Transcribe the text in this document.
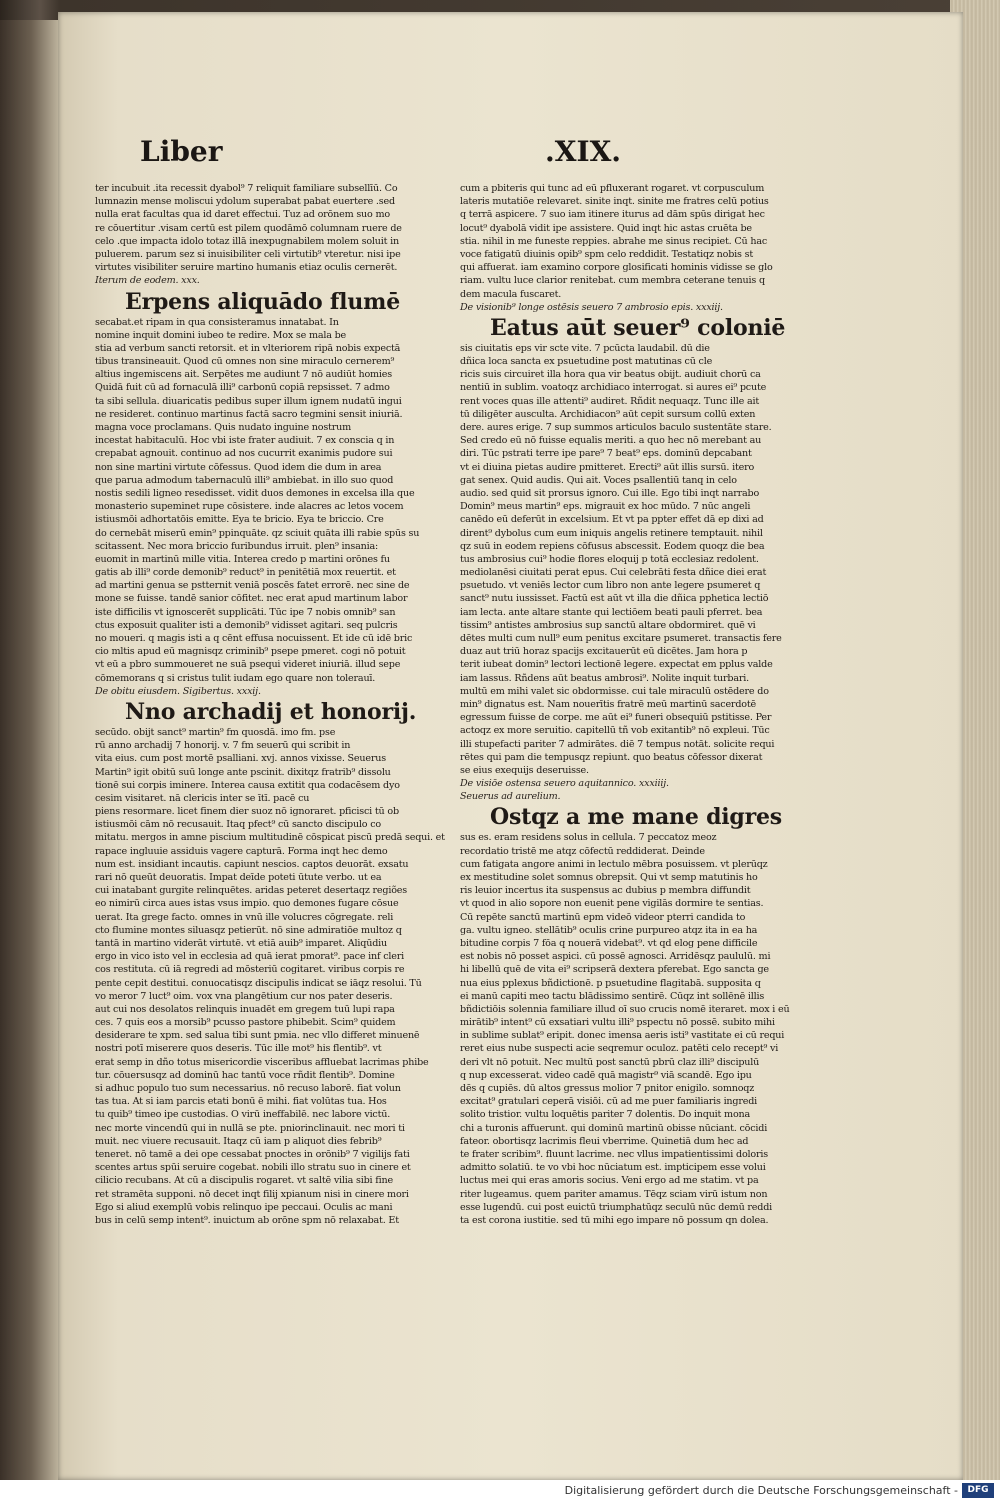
Liber	.XIX.
ter incubuit .ita recessit dyabol⁹ 7 reliquit familiare subsellīū. Co
lumnazin mense moliscui ydolum superabat pabat euertere .sed
nulla erat facultas qua id daret effectui. Tuz ad orōnem suo mo
re cōuertitur .visam certū est pilem quodāmō columnam ruere de
celo .que impacta idolo totaz illā inexpugnabilem molem soluit in
puluerem. parum sez si inuisibiliter celi virtutib⁹ vteretur. nisi ipe
virtutes visibiliter seruire martino humanis etiaz oculis cernerēt.
Iterum de eodem. xxx.
Erpens aliquādo flumē
secabat.et ripam in qua consisteramus innatabat. In
nomine inquit domini iubeo te redire. Mox se mala be
stia ad verbum sancti retorsit. et in vlteriorem ripā nobis expectā
tibus transineauit. Quod cū omnes non sine miraculo cernerem⁹
altius ingemiscens ait. Serpētes me audiunt 7 nō audiūt homies
Quidā fuit cū ad fornaculā illi⁹ carbonū copiā repsisset. 7 admo
ta sibi sellula. diuaricatis pedibus super illum ignem nudatū ingui
ne resideret. continuo martinus factā sacro tegmini sensit iniuriā.
magna voce proclamans. Quis nudato inguine nostrum
incestat habitaculū. Hoc vbi iste frater audiuit. 7 ex conscia q in
crepabat agnouit. continuo ad nos cucurrit exanimis pudore sui
non sine martini virtute cōfessus. Quod idem die dum in area
que parua admodum tabernaculū illi⁹ ambiebat. in illo suo quod
nostis sedili ligneo resedisset. vidit duos demones in excelsa illa que
monasterio supeminet rupe cōsistere. inde alacres ac letos vocem
istiusmōi adhortatōis emitte. Eya te bricio. Eya te briccio. Cre
do cernebāt miserū emin⁹ ppinquāte. qz sciuit quāta illi rabie spūs su
scitassent. Nec mora briccio furibundus irruit. plen⁹ insania:
euomit in martinū mille vitia. Interea credo p martini orōnes fu
gatis ab illi⁹ corde demonib⁹ reduct⁹ in penitētiā mox reuertit. et
ad martini genua se pstternit veniā poscēs fatet errorē. nec sine de
mone se fuisse. tandē sanior cōfitet. nec erat apud martinum labor
iste difficilis vt ignoscerēt supplicāti. Tūc ipe 7 nobis omnib⁹ san
ctus exposuit qualiter isti a demonib⁹ vidisset agitari. seq pulcris
no moueri. q magis isti a q cēnt effusa nocuissent. Et ide cū idē bric
cio mltis apud eū magnisqz criminib⁹ psepe pmeret. cogi nō potuit
vt eū a pbro summoueret ne suā psequi videret iniuriā. illud sepe
cōmemorans q si cristus tulit iudam ego quare non tolerauī.
De obitu eiusdem. Sigibertus. xxxij.
Nno archadij et honorij.
secūdo. obijt sanct⁹ martin⁹ fm quosdā. imo fm. pse
rū anno archadij 7 honorij. v. 7 fm seuerū qui scribit in
vita eius. cum post mortē psalliani. xvj. annos vixisse. Seuerus
Martin⁹ igit obitū suū longe ante pscinit. dixitqz fratrib⁹ dissolu
tionē sui corpis iminere. Interea causa extitit qua codacēsem dyo
cesim visitaret. nā clericis inter se ītī. pacē cu
piens resormare. licet finem dier suoz nō ignoraret. pficisci tū ob
istiusmōi cām nō recusauit. Itaq pfect⁹ cū sancto discipulo co
mitatu. mergos in amne piscium multitudinē cōspicat piscū predā sequi. et
rapace ingluuie assiduis vagere capturā. Forma inqt hec demo
num est. insidiant incautis. capiunt nescios. captos deuorāt. exsatu
rari nō queūt deuoratis. Impat deīde poteti ūtute verbo. ut ea
cui inatabant gurgite relinquētes. aridas peteret desertaqz regiões
eo nimirū circa aues istas vsus impio. quo demones fugare cōsue
uerat. Ita grege facto. omnes in vnū ille volucres cōgregate. reli
cto flumine montes siluasqz petierūt. nō sine admiratiōe multoz q
tantā in martino viderāt virtutē. vt etiā auib⁹ imparet. Aliqūdiu
ergo in vico isto vel in ecclesia ad quā ierat pmorat⁹. pace inf cleri
cos restituta. cū iā regredi ad mōsteriū cogitaret. viribus corpis re
pente cepit destitui. conuocatisqz discipulis indicat se iāqz resolui. Tū
vo meror 7 luct⁹ oim. vox vna plangētium cur nos pater deseris.
aut cui nos desolatos relinquis inuadēt em gregem tuū lupi rapa
ces. 7 quis eos a morsib⁹ pcusso pastore phibebit. Scim⁹ quidem
desiderare te xpm. sed salua tibi sunt pmia. nec vllo differet minuenē
nostri potī miserere quos deseris. Tūc ille mot⁹ his flentib⁹. vt
erat semp in dño totus misericordie visceribus affluebat lacrimas phibe
tur. cōuersusqz ad dominū hac tantū voce rñdit flentib⁹. Domine
si adhuc populo tuo sum necessarius. nō recuso laborē. fiat volun
tas tua. At si iam parcis etati bonū ē mihi. fiat volūtas tua. Hos
tu quib⁹ timeo ipe custodias. O virū ineffabilē. nec labore victū.
nec morte vincendū qui in nullā se pte. pniorinclinauit. nec mori ti
muit. nec viuere recusauit. Itaqz cū iam p aliquot dies febrib⁹
teneret. nō tamē a dei ope cessabat pnoctes in orōnib⁹ 7 vigilijs fati
scentes artus spūi seruire cogebat. nobili illo stratu suo in cinere et
cilicio recubans. At cū a discipulis rogaret. vt saltē vilia sibi fine
ret stramēta supponi. nō decet inqt filij xpianum nisi in cinere mori
Ego si aliud exemplū vobis relinquo ipe peccaui. Oculis ac mani
bus in celū semp intent⁹. inuictum ab orōne spm nō relaxabat. Et
cum a pbiteris qui tunc ad eū pfluxerant rogaret. vt corpusculum
lateris mutatiōe relevaret. sinite inqt. sinite me fratres celū potius
q terrā aspicere. 7 suo iam itinere iturus ad dām spūs dirigat hec
locut⁹ dyabolā vidit ipe assistere. Quid inqt hic astas cruēta be
stia. nihil in me funeste reppies. abrahe me sinus recipiet. Cū hac
voce fatigatū diuinis opib⁹ spm celo reddidit. Testatiqz nobis st
qui affuerat. iam examino corpore glosificati hominis vidisse se glo
riam. vultu luce clarior renitebat. cum membra ceterane tenuis q
dem macula fuscaret.
De visionib⁹ longe ostēsis seuero 7 ambrosio epis. xxxiij.
Eatus aūt seuer⁹ coloniē
sis ciuitatis eps vir scte vite. 7 pcūcta laudabil. dū die
dñica loca sancta ex psuetudine post matutinas cū cle
ricis suis circuiret illa hora qua vir beatus obijt. audiuit chorū ca
nentiū in sublim. voatoqz archidiaco interrogat. si aures ei⁹ pcute
rent voces quas ille attenti⁹ audiret. Rñdit nequaqz. Tunc ille ait
tū diligēter ausculta. Archidiacon⁹ aūt cepit sursum collū exten
dere. aures erige. 7 sup summos articulos baculo sustentāte stare.
Sed credo eū nō fuisse equalis meriti. a quo hec nō merebant au
diri. Tūc pstrati terre ipe pare⁹ 7 beat⁹ eps. dominū depcabant
vt ei diuina pietas audire pmitteret. Erecti⁹ aūt illis sursū. itero
gat senex. Quid audis. Qui ait. Voces psallentiū tanq in celo
audio. sed quid sit prorsus ignoro. Cui ille. Ego tibi inqt narrabo
Domin⁹ meus martin⁹ eps. migrauit ex hoc mūdo. 7 nūc angeli
canēdo eū deferūt in excelsium. Et vt pa ppter effet dā ep dixi ad
dirent⁹ dybolus cum eum iniquis angelis retinere temptauit. nihil
qz suū in eodem repiens cōfusus abscessit. Eodem quoqz die bea
tus ambrosius cui⁹ hodie flores eloquij p totā ecclesiaz redolent.
mediolanēsi ciuitati perat epus. Cui celebrāti festa dñice diei erat
psuetudo. vt veniēs lector cum libro non ante legere psumeret q
sanct⁹ nutu iussisset. Factū est aūt vt illa die dñica pphetica lectiō
iam lecta. ante altare stante qui lectiōem beati pauli pferret. bea
tissim⁹ antistes ambrosius sup sanctū altare obdormiret. quē vi
dētes multi cum null⁹ eum penitus excitare psumeret. transactis fere
duaz aut triū horaz spacijs excitauerūt eū dicētes. Jam hora p
terit iubeat domin⁹ lectori lectionē legere. expectat em pplus valde
iam lassus. Rñdens aūt beatus ambrosi⁹. Nolite inquit turbari.
multū em mihi valet sic obdormisse. cui tale miraculū ostēdere do
min⁹ dignatus est. Nam nouerītis fratrē meū martinū sacerdotē
egressum fuisse de corpe. me aūt ei⁹ funeri obsequiū pstitisse. Per
actoqz ex more seruitio. capitellū tñ vob exitantib⁹ nō expleui. Tūc
illi stupefacti pariter 7 admirātes. diē 7 tempus notāt. solicite requi
rētes qui pam die tempusqz repiunt. quo beatus cōfessor dixerat
se eius exequijs deseruisse.
De visiōe ostensa seuero aquitannico. xxxiiij.
Seuerus ad aurelium.
Ostqz a me mane digres
sus es. eram residens solus in cellula. 7 peccatoz meoz
recordatio tristē me atqz cōfectū reddiderat. Deinde
cum fatigata angore animi in lectulo mēbra posuissem. vt plerūqz
ex mestitudine solet somnus obrepsit. Qui vt semp matutinis ho
ris leuior incertus ita suspensus ac dubius p membra diffundit
vt quod in alio sopore non euenit pene vigilās dormire te sentias.
Cū repēte sanctū martinū epm videō videor pterri candida to
ga. vultu igneo. stellātib⁹ oculis crine purpureo atqz ita in ea ha
bitudine corpis 7 fōa q nouerā videbat⁹. vt qd elog pene difficile
est nobis nō posset aspici. cū possē agnosci. Arridēsqz paululū. mi
hi libellū quē de vita ei⁹ scripserā dextera pferebat. Ego sancta ge
nua eius pplexus bñdictionē. p psuetudine flagitabā. supposita q
ei manū capiti meo tactu blādissimo sentirē. Cūqz int sollēnē illis
bñdictiōis solennia familiare illud oī suo crucis nomē iteraret. mox i eū
mirātib⁹ intent⁹ cū exsatiari vultu illi⁹ pspectu nō possē. subito mihi
in sublime sublat⁹ eripit. donec imensa aeris isti⁹ vastitate ei cū requi
reret eius nube suspecti acie seqremur oculoz. patēti celo recept⁹ vi
deri vlt nō potuit. Nec multū post sanctū pbrū claz illi⁹ discipulū
q nup excesserat. video cadē quā magistr⁹ viā scandē. Ego ipu
dēs q cupiēs. dū altos gressus molior 7 pnitor enigilo. somnoqz
excitat⁹ gratulari ceperā visiōi. cū ad me puer familiaris ingredi
solito tristior. vultu loquētis pariter 7 dolentis. Do inquit mona
chi a turonis affuerunt. qui dominū martinū obisse nūciant. cōcidi
fateor. obortisqz lacrimis fleui vberrime. Quinetiā dum hec ad
te frater scribim⁹. fluunt lacrime. nec vllus impatientissimi doloris
admitto solatiū. te vo vbi hoc nūciatum est. impticipem esse volui
luctus mei qui eras amoris socius. Veni ergo ad me statim. vt pa
riter lugeamus. quem pariter amamus. Tēqz sciam virū istum non
esse lugendū. cui post euictū triumphatūqz seculū nūc demū reddi
ta est corona iustitie. sed tū mihi ego impare nō possum qn dolea.
Digitalisierung gefördert durch die Deutsche Forschungsgemeinschaft -	DFG
